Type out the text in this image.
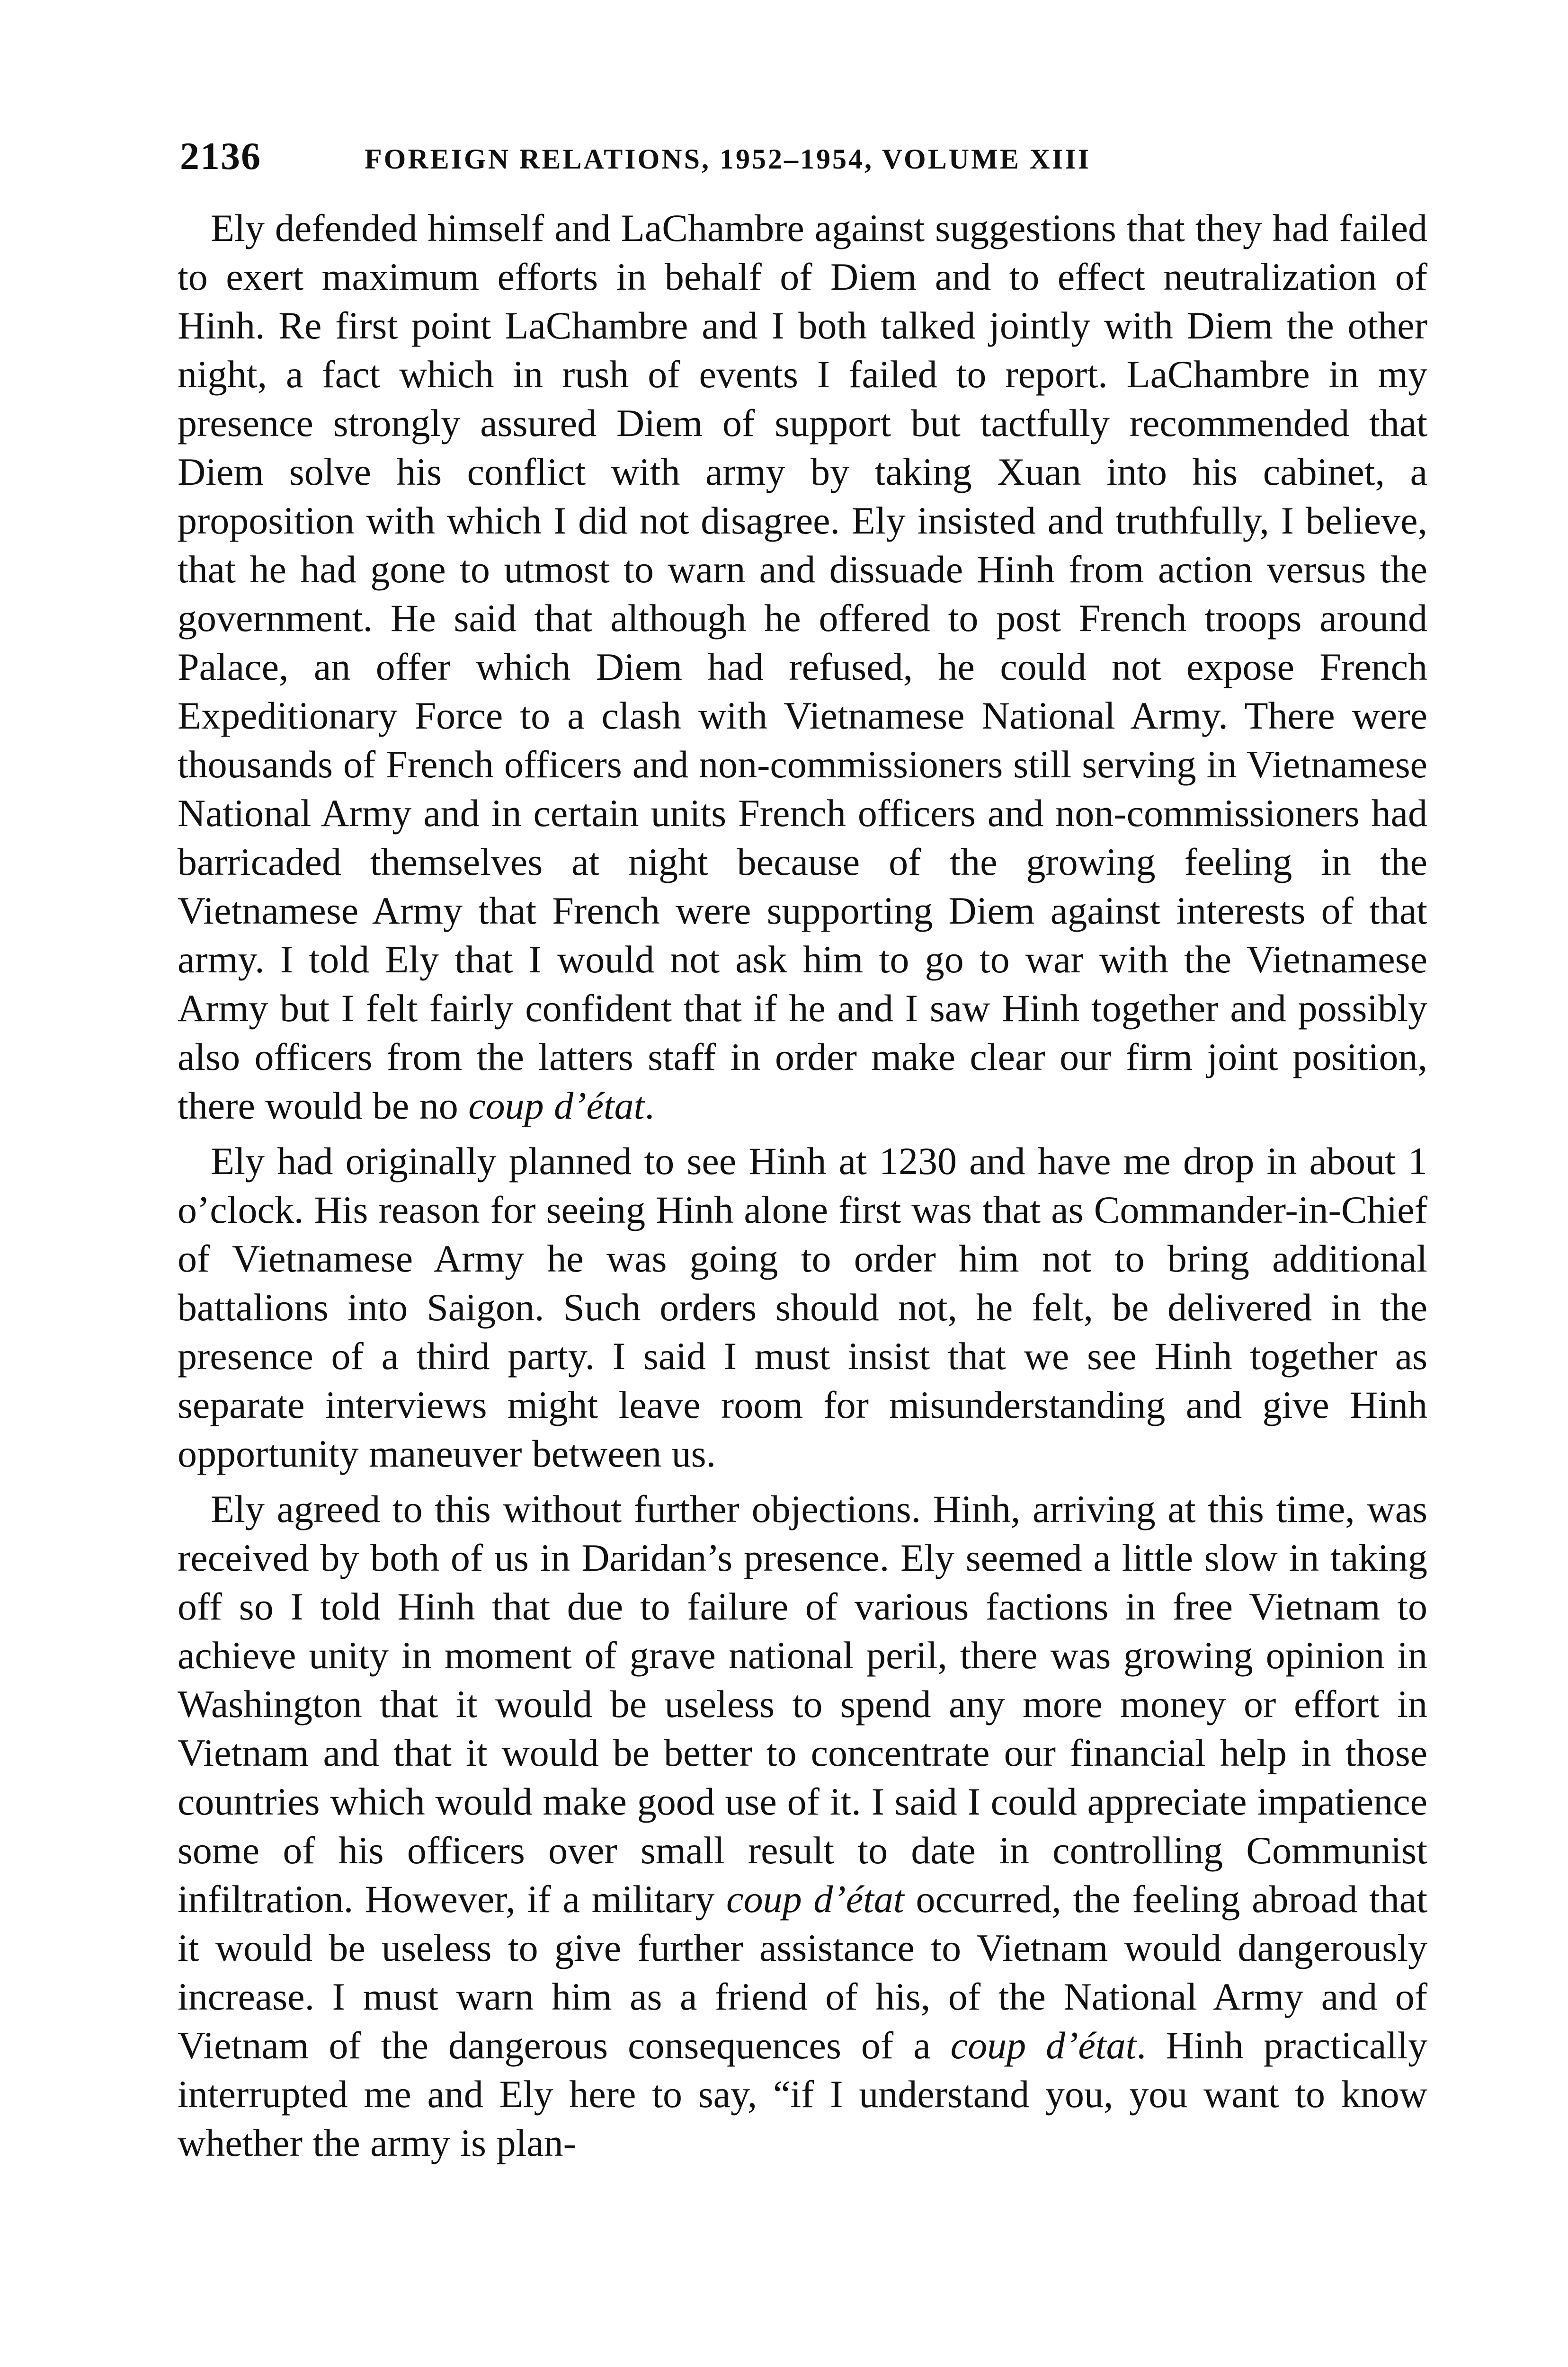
2136	FOREIGN RELATIONS, 1952–1954, VOLUME XIII

Ely defended himself and LaChambre against suggestions that they had failed to exert maximum efforts in behalf of Diem and to effect neutralization of Hinh. Re first point LaChambre and I both talked jointly with Diem the other night, a fact which in rush of events I failed to report. LaChambre in my presence strongly assured Diem of support but tactfully recommended that Diem solve his conflict with army by taking Xuan into his cabinet, a proposition with which I did not disagree. Ely insisted and truthfully, I believe, that he had gone to utmost to warn and dissuade Hinh from action versus the government. He said that although he offered to post French troops around Palace, an offer which Diem had refused, he could not expose French Expeditionary Force to a clash with Vietnamese National Army. There were thousands of French officers and non-commissioners still serving in Vietnamese National Army and in certain units French officers and non-commissioners had barricaded themselves at night because of the growing feeling in the Vietnamese Army that French were supporting Diem against interests of that army. I told Ely that I would not ask him to go to war with the Vietnamese Army but I felt fairly confident that if he and I saw Hinh together and possibly also officers from the latters staff in order make clear our firm joint position, there would be no coup d’état.

Ely had originally planned to see Hinh at 1230 and have me drop in about 1 o’clock. His reason for seeing Hinh alone first was that as Commander-in-Chief of Vietnamese Army he was going to order him not to bring additional battalions into Saigon. Such orders should not, he felt, be delivered in the presence of a third party. I said I must insist that we see Hinh together as separate interviews might leave room for misunderstanding and give Hinh opportunity maneuver between us.

Ely agreed to this without further objections. Hinh, arriving at this time, was received by both of us in Daridan’s presence. Ely seemed a little slow in taking off so I told Hinh that due to failure of various factions in free Vietnam to achieve unity in moment of grave national peril, there was growing opinion in Washington that it would be useless to spend any more money or effort in Vietnam and that it would be better to concentrate our financial help in those countries which would make good use of it. I said I could appreciate impatience some of his officers over small result to date in controlling Communist infiltration. However, if a military coup d’état occurred, the feeling abroad that it would be useless to give further assistance to Vietnam would dangerously increase. I must warn him as a friend of his, of the National Army and of Vietnam of the dangerous consequences of a coup d’état. Hinh practically interrupted me and Ely here to say, “if I understand you, you want to know whether the army is plan-
